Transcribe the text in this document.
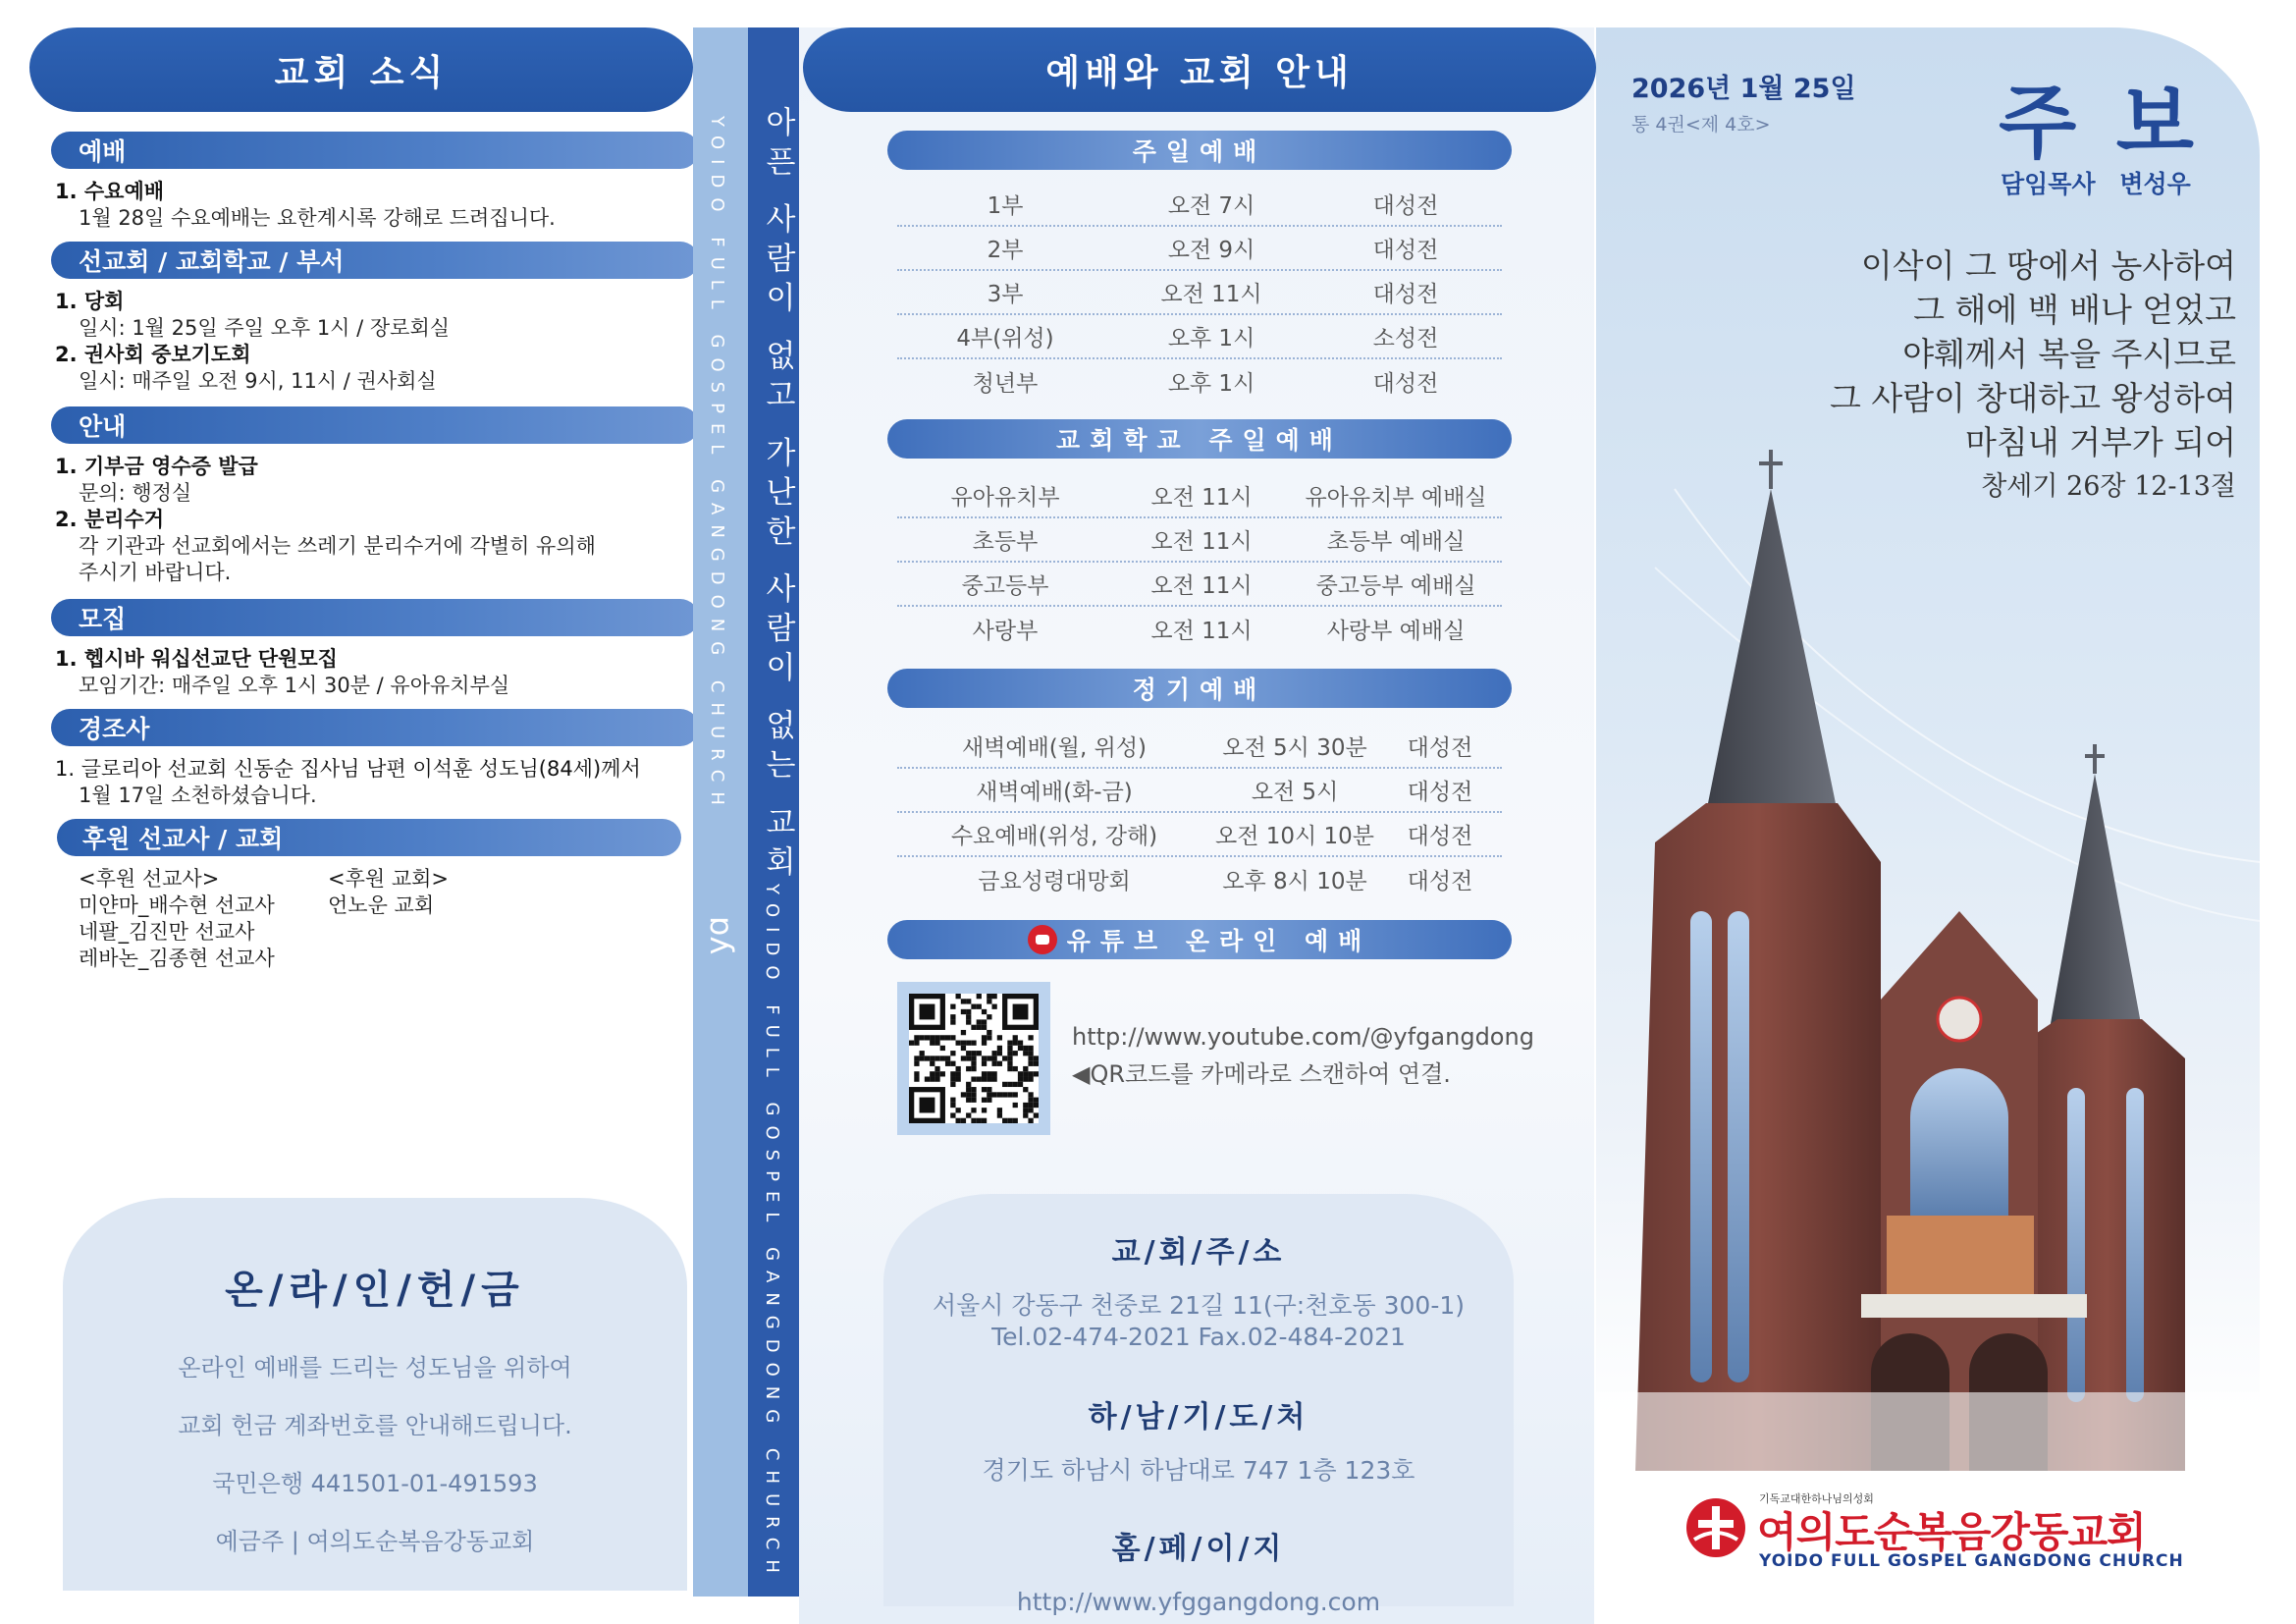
교회 소식
예배
1. 수요예배
1월 28일 수요예배는 요한계시록 강해로 드려집니다.
선교회 / 교회학교 / 부서
1. 당회
일시: 1월 25일 주일 오후 1시 / 장로회실
2. 권사회 중보기도회
일시: 매주일 오전 9시, 11시 / 권사회실
안내
1. 기부금 영수증 발급
문의: 행정실
2. 분리수거
각 기관과 선교회에서는 쓰레기 분리수거에 각별히 유의해
주시기 바랍니다.
모집
1. 헵시바 워십선교단 단원모집
모임기간: 매주일 오후 1시 30분 / 유아유치부실
경조사
1. 글로리아 선교회 신동순 집사님 남편 이석훈 성도님(84세)께서
1월 17일 소천하셨습니다.
후원 선교사 / 교회
<후원 선교사>
미얀마_배수현 선교사
네팔_김진만 선교사
레바논_김종현 선교사
<후원 교회>
언노운 교회
온/라/인/헌/금
온라인 예배를 드리는 성도님을 위하여
교회 헌금 계좌번호를 안내해드립니다.
국민은행 441501-01-491593
예금주 | 여의도순복음강동교회
YOIDO FULL GOSPEL GANGDONG CHURCH
ɒʎ
아픈 사람이 없고 가난한 사람이 없는 교회
YOIDO FULL GOSPEL GANGDONG CHURCH
예배와 교회 안내
주일예배
1부	오전 7시	대성전
2부	오전 9시	대성전
3부	오전 11시	대성전
4부(위성)	오후 1시	소성전
청년부	오후 1시	대성전
교회학교 주일예배
유아유치부	오전 11시	유아유치부 예배실
초등부	오전 11시	초등부 예배실
중고등부	오전 11시	중고등부 예배실
사랑부	오전 11시	사랑부 예배실
정기예배
새벽예배(월, 위성)	오전 5시 30분	대성전
새벽예배(화-금)	오전 5시	대성전
수요예배(위성, 강해)	오전 10시 10분	대성전
금요성령대망회	오후 8시 10분	대성전
유튜브 온라인 예배
http://www.youtube.com/@yfgangdong
◀QR코드를 카메라로 스캔하여 연결.
교/회/주/소
서울시 강동구 천중로 21길 11(구:천호동 300-1)
Tel.02-474-2021 Fax.02-484-2021
하/남/기/도/처
경기도 하남시 하남대로 747 1층 123호
홈/페/이/지
http://www.yfggangdong.com
2026년 1월 25일
통 4권<제 4호>	주 보
담임목사 변성우
이삭이 그 땅에서 농사하여
그 해에 백 배나 얻었고
야훼께서 복을 주시므로
그 사람이 창대하고 왕성하여
마침내 거부가 되어
창세기 26장 12-13절
기독교대한하나님의성회
여의도순복음강동교회
YOIDO FULL GOSPEL GANGDONG CHURCH
